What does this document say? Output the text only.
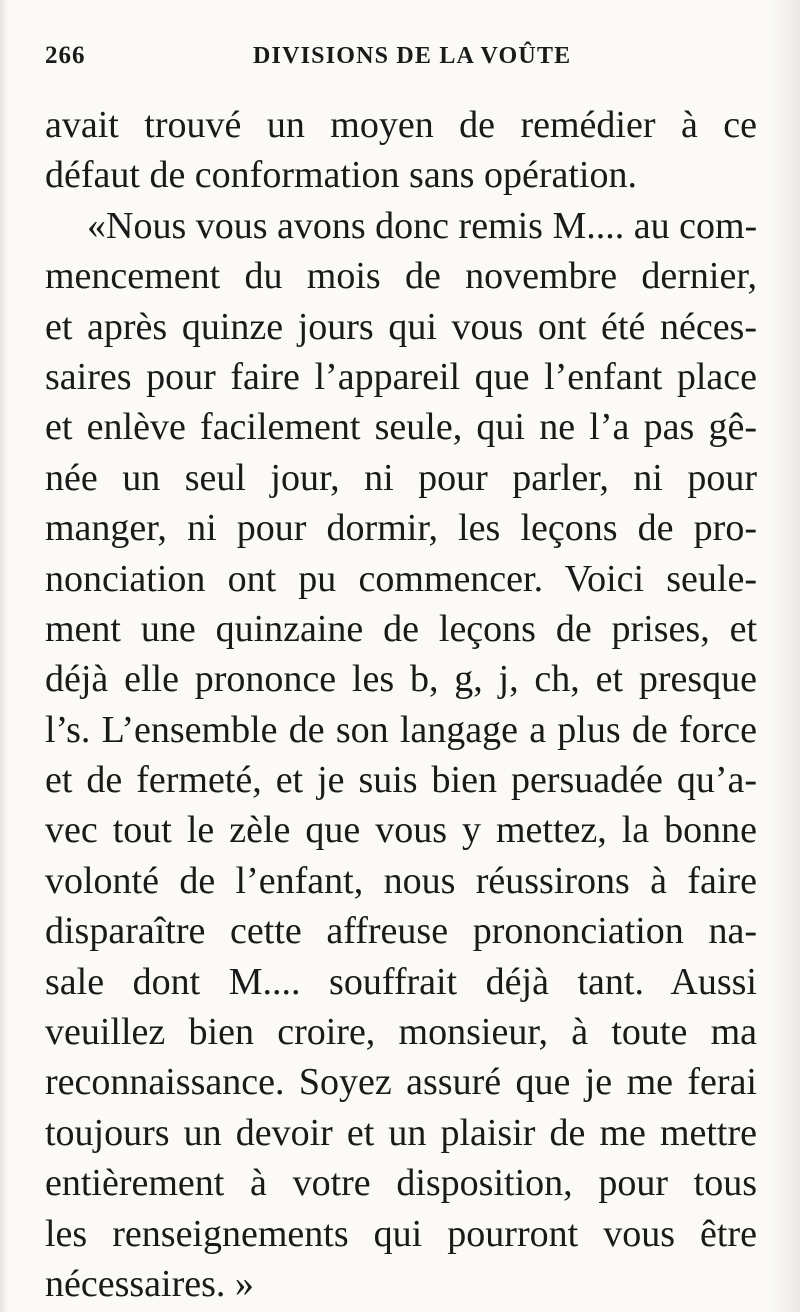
266	DIVISIONS DE LA VOÛTE
avait trouvé un moyen de remédier à ce
défaut de conformation sans opération.
«Nous vous avons donc remis M.... au com-
mencement du mois de novembre dernier,
et après quinze jours qui vous ont été néces-
saires pour faire l’appareil que l’enfant place
et enlève facilement seule, qui ne l’a pas gê-
née un seul jour, ni pour parler, ni pour
manger, ni pour dormir, les leçons de pro-
nonciation ont pu commencer. Voici seule-
ment une quinzaine de leçons de prises, et
déjà elle prononce les b, g, j, ch, et presque
l’s. L’ensemble de son langage a plus de force
et de fermeté, et je suis bien persuadée qu’a-
vec tout le zèle que vous y mettez, la bonne
volonté de l’enfant, nous réussirons à faire
disparaître cette affreuse prononciation na-
sale dont M.... souffrait déjà tant. Aussi
veuillez bien croire, monsieur, à toute ma
reconnaissance. Soyez assuré que je me ferai
toujours un devoir et un plaisir de me mettre
entièrement à votre disposition, pour tous
les renseignements qui pourront vous être
nécessaires. »
